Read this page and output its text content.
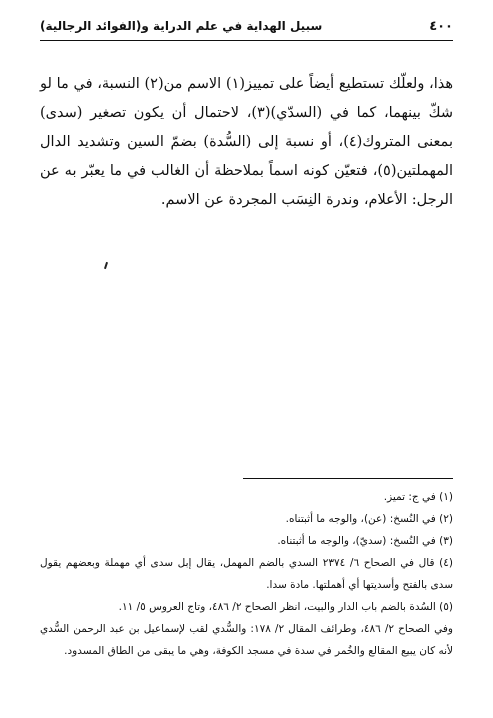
٤٠٠
سبيل الهداية في علم الدراية و(الفوائد الرجالية)

هذا، ولعلّك تستطيع أيضاً على تمييز(١) الاسم من(٢) النسبة، في ما لو شكّ بينهما، كما في (السدّي)(٣)، لاحتمال أن يكون تصغير (سدى) بمعنى المتروك(٤)، أو نسبة إلى (السُّدة) بضمّ السين وتشديد الدال المهملتين(٥)، فتعيّن كونه اسماً بملاحظة أن الغالب في ما يعبّر به عن الرجل: الأعلام، وندرة النِسَب المجردة عن الاسم.

(١) في ج: تميز.

(٢) في النُسخ: (عن)، والوجه ما أثبتناه.

(٣) في النُسخ: (سديّ)، والوجه ما أثبتناه.

(٤) قال في الصحاح ٦/ ٢٣٧٤ السدي بالضم المهمل، يقال إبل سدى أي مهملة وبعضهم يقول سدى بالفتح وأسديتها أي أهملتها. مادة سدا.

(٥) السُدة بالضم باب الدار والبيت، انظر الصحاح ٢/ ٤٨٦، وتاج العروس ٥/ ١١.

وفي الصحاح ٢/ ٤٨٦، وطرائف المقال ٢/ ١٧٨: والسُّدي لقب لإسماعيل بن عبد الرحمن السُّدي لأنه كان يبيع المقالع والخُمر في سدة في مسجد الكوفة، وهي ما يبقى من الطاق المسدود.
